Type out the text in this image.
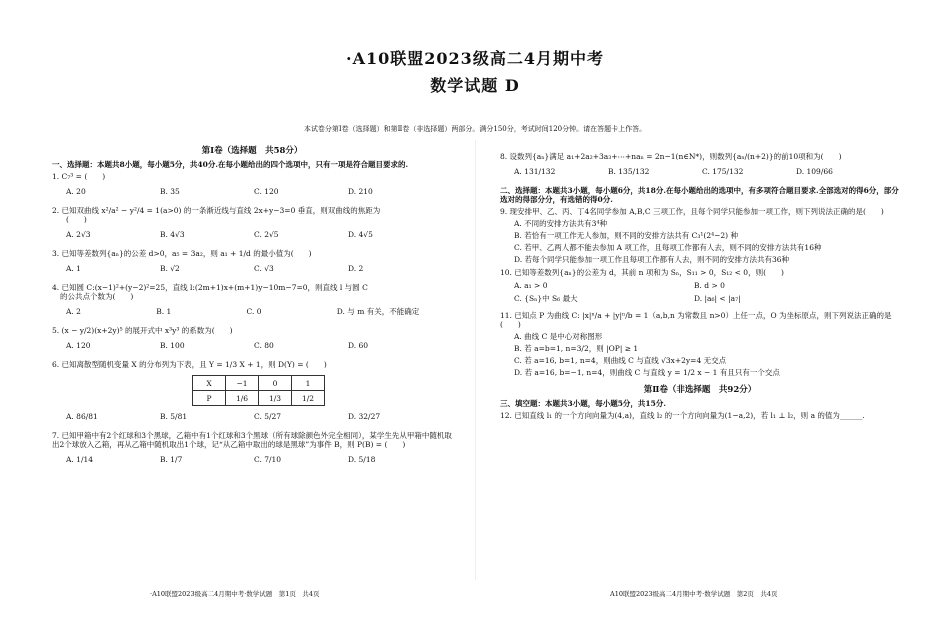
·A10联盟2023级高二4月期中考
数学试题 D
本试卷分第Ⅰ卷（选择题）和第Ⅱ卷（非选择题）两部分。满分150分，考试时间120分钟。请在答题卡上作答。
第Ⅰ卷（选择题　共58分）
一、选择题：本题共8小题，每小题5分，共40分.在每小题给出的四个选项中，只有一项是符合题目要求的.
1. C₇³ = (　　)
A. 20	B. 35	C. 120	D. 210
2. 已知双曲线 x²/a² − y²/4 = 1(a>0) 的一条渐近线与直线 2x+y−3=0 垂直，则双曲线的焦距为
(　　)
A. 2√3	B. 4√3	C. 2√5	D. 4√5
3. 已知等差数列{aₙ}的公差 d>0，a₅ = 3a₂，则 a₁ + 1/d 的最小值为(　　)
A. 1	B. √2	C. √3	D. 2
4. 已知圆 C:(x−1)²+(y−2)²=25，直线 l:(2m+1)x+(m+1)y−10m−7=0，则直线 l 与圆 C
的公共点个数为(　　)
A. 2	B. 1	C. 0	D. 与 m 有关，不能确定
5. (x − y/2)(x+2y)⁵ 的展开式中 x³y³ 的系数为(　　)
A. 120	B. 100	C. 80	D. 60
6. 已知离散型随机变量 X 的分布列为下表，且 Y = 1/3 X + 1，则 D(Y) = (　　)
X	−1	0	1
P	1/6	1/3	1/2
A. 86/81	B. 5/81	C. 5/27	D. 32/27
7. 已知甲箱中有2个红球和3个黑球，乙箱中有1个红球和3个黑球（所有球除颜色外完全相同），某学生先从甲箱中随机取出2个球放入乙箱，再从乙箱中随机取出1个球，记“从乙箱中取出的球是黑球”为事件 B，则 P(B) = (　　)
A. 1/14	B. 1/7	C. 7/10	D. 5/18
8. 设数列{aₙ}满足 a₁+2a₂+3a₃+⋯+naₙ = 2n−1(n∈N*)，则数列{aₙ/(n+2)}的前10项和为(　　)
A. 131/132	B. 135/132	C. 175/132	D. 109/66
二、选择题：本题共3小题，每小题6分，共18分.在每小题给出的选项中，有多项符合题目要求.全部选对的得6分，部分选对的得部分分，有选错的得0分.
9. 现安排甲、乙、丙、丁4名同学参加 A,B,C 三项工作，且每个同学只能参加一项工作，则下列说法正确的是(　　)
A. 不同的安排方法共有3⁴种
B. 若恰有一项工作无人参加，则不同的安排方法共有 C₃¹(2⁴−2) 种
C. 若甲、乙两人都不能去参加 A 项工作，且每项工作都有人去，则不同的安排方法共有16种
D. 若每个同学只能参加一项工作且每项工作都有人去，则不同的安排方法共有36种
10. 已知等差数列{aₙ}的公差为 d，其前 n 项和为 Sₙ，S₁₁ > 0，S₁₂ < 0，则(　　)
A. a₁ > 0	B. d > 0
C. {Sₙ}中 S₆ 最大	D. |a₆| < |a₇|
11. 已知点 P 为曲线 C: |x|ⁿ/a + |y|ⁿ/b = 1（a,b,n 为常数且 n>0）上任一点，O 为坐标原点，则下列说法正确的是(　　)
A. 曲线 C 是中心对称图形
B. 若 a=b=1, n=3/2，则 |OP| ≥ 1
C. 若 a=16, b=1, n=4，则曲线 C 与直线 √3x+2y=4 无交点
D. 若 a=16, b=−1, n=4，则曲线 C 与直线 y = 1/2 x − 1 有且只有一个交点
第Ⅱ卷（非选择题　共92分）
三、填空题：本题共3小题，每小题5分，共15分.
12. 已知直线 l₁ 的一个方向向量为(4,a)，直线 l₂ 的一个方向向量为(1−a,2)，若 l₁ ⊥ l₂，则 a 的值为______.
·A10联盟2023级高二4月期中考·数学试题　第1页　共4页	A10联盟2023级高二4月期中考·数学试题　第2页　共4页
